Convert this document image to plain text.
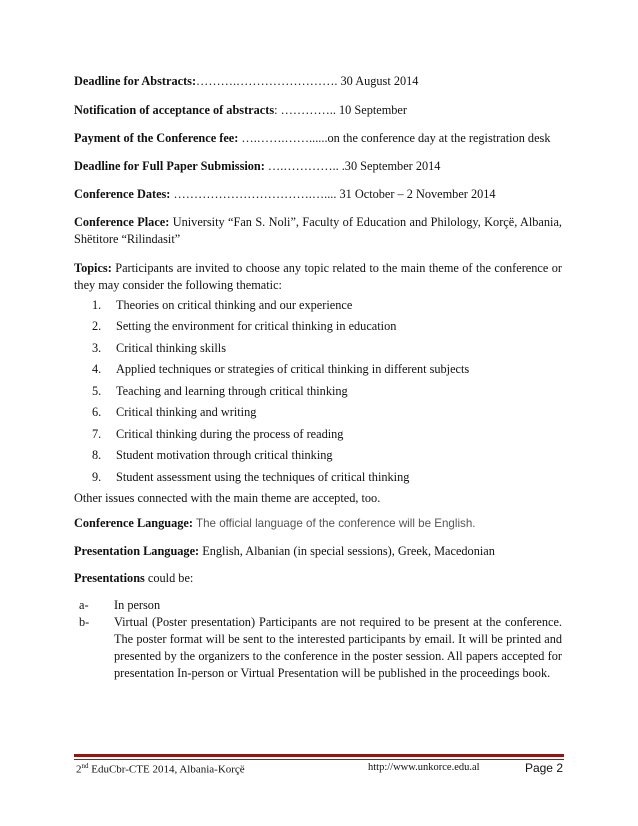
Deadline for Abstracts:……….……………………. 30 August 2014

Notification of acceptance of abstracts: ………….. 10 September

Payment of the Conference fee: ….…….……......on the conference day at the registration desk

Deadline for Full Paper Submission: ….………….. .30 September 2014

Conference Dates: …………………………….….... 31 October – 2 November 2014

Conference Place: University “Fan S. Noli”, Faculty of Education and Philology, Korçë, Albania, Shëtitore “Rilindasit”

Topics: Participants are invited to choose any topic related to the main theme of the conference or they may consider the following thematic:

1. Theories on critical thinking and our experience
2. Setting the environment for critical thinking in education
3. Critical thinking skills
4. Applied techniques or strategies of critical thinking in different subjects
5. Teaching and learning through critical thinking
6. Critical thinking and writing
7. Critical thinking during the process of reading
8. Student motivation through critical thinking
9. Student assessment using the techniques of critical thinking

Other issues connected with the main theme are accepted, too.

Conference Language: The official language of the conference will be English.

Presentation Language: English, Albanian (in special sessions), Greek, Macedonian

Presentations could be:

a- In person
b- Virtual (Poster presentation) Participants are not required to be present at the conference. The poster format will be sent to the interested participants by email. It will be printed and presented by the organizers to the conference in the poster session. All papers accepted for presentation In-person or Virtual Presentation will be published in the proceedings book.
2nd EduCbr-CTE 2014, Albania-Korçë	http://www.unkorce.edu.al	Page 2
